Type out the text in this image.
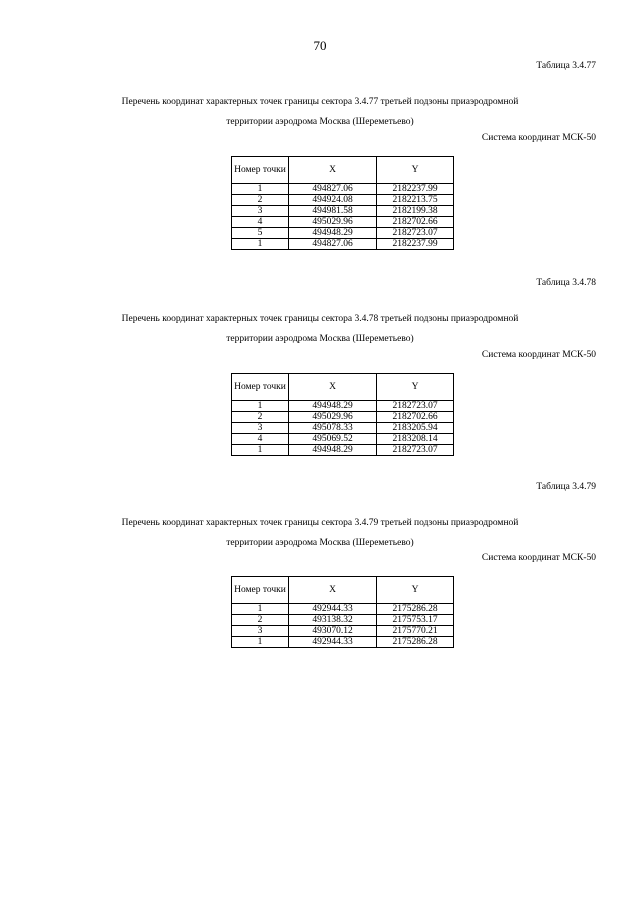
70
Таблица 3.4.77
Перечень координат характерных точек границы сектора 3.4.77 третьей подзоны приаэродромной
территории аэродрома Москва (Шереметьево)
Система координат МСК-50
Номер точки	X	Y
1	494827.06	2182237.99
2	494924.08	2182213.75
3	494981.58	2182199.38
4	495029.96	2182702.66
5	494948.29	2182723.07
1	494827.06	2182237.99
Таблица 3.4.78
Перечень координат характерных точек границы сектора 3.4.78 третьей подзоны приаэродромной
территории аэродрома Москва (Шереметьево)
Система координат МСК-50
Номер точки	X	Y
1	494948.29	2182723.07
2	495029.96	2182702.66
3	495078.33	2183205.94
4	495069.52	2183208.14
1	494948.29	2182723.07
Таблица 3.4.79
Перечень координат характерных точек границы сектора 3.4.79 третьей подзоны приаэродромной
территории аэродрома Москва (Шереметьево)
Система координат МСК-50
Номер точки	X	Y
1	492944.33	2175286.28
2	493138.32	2175753.17
3	493070.12	2175770.21
1	492944.33	2175286.28
